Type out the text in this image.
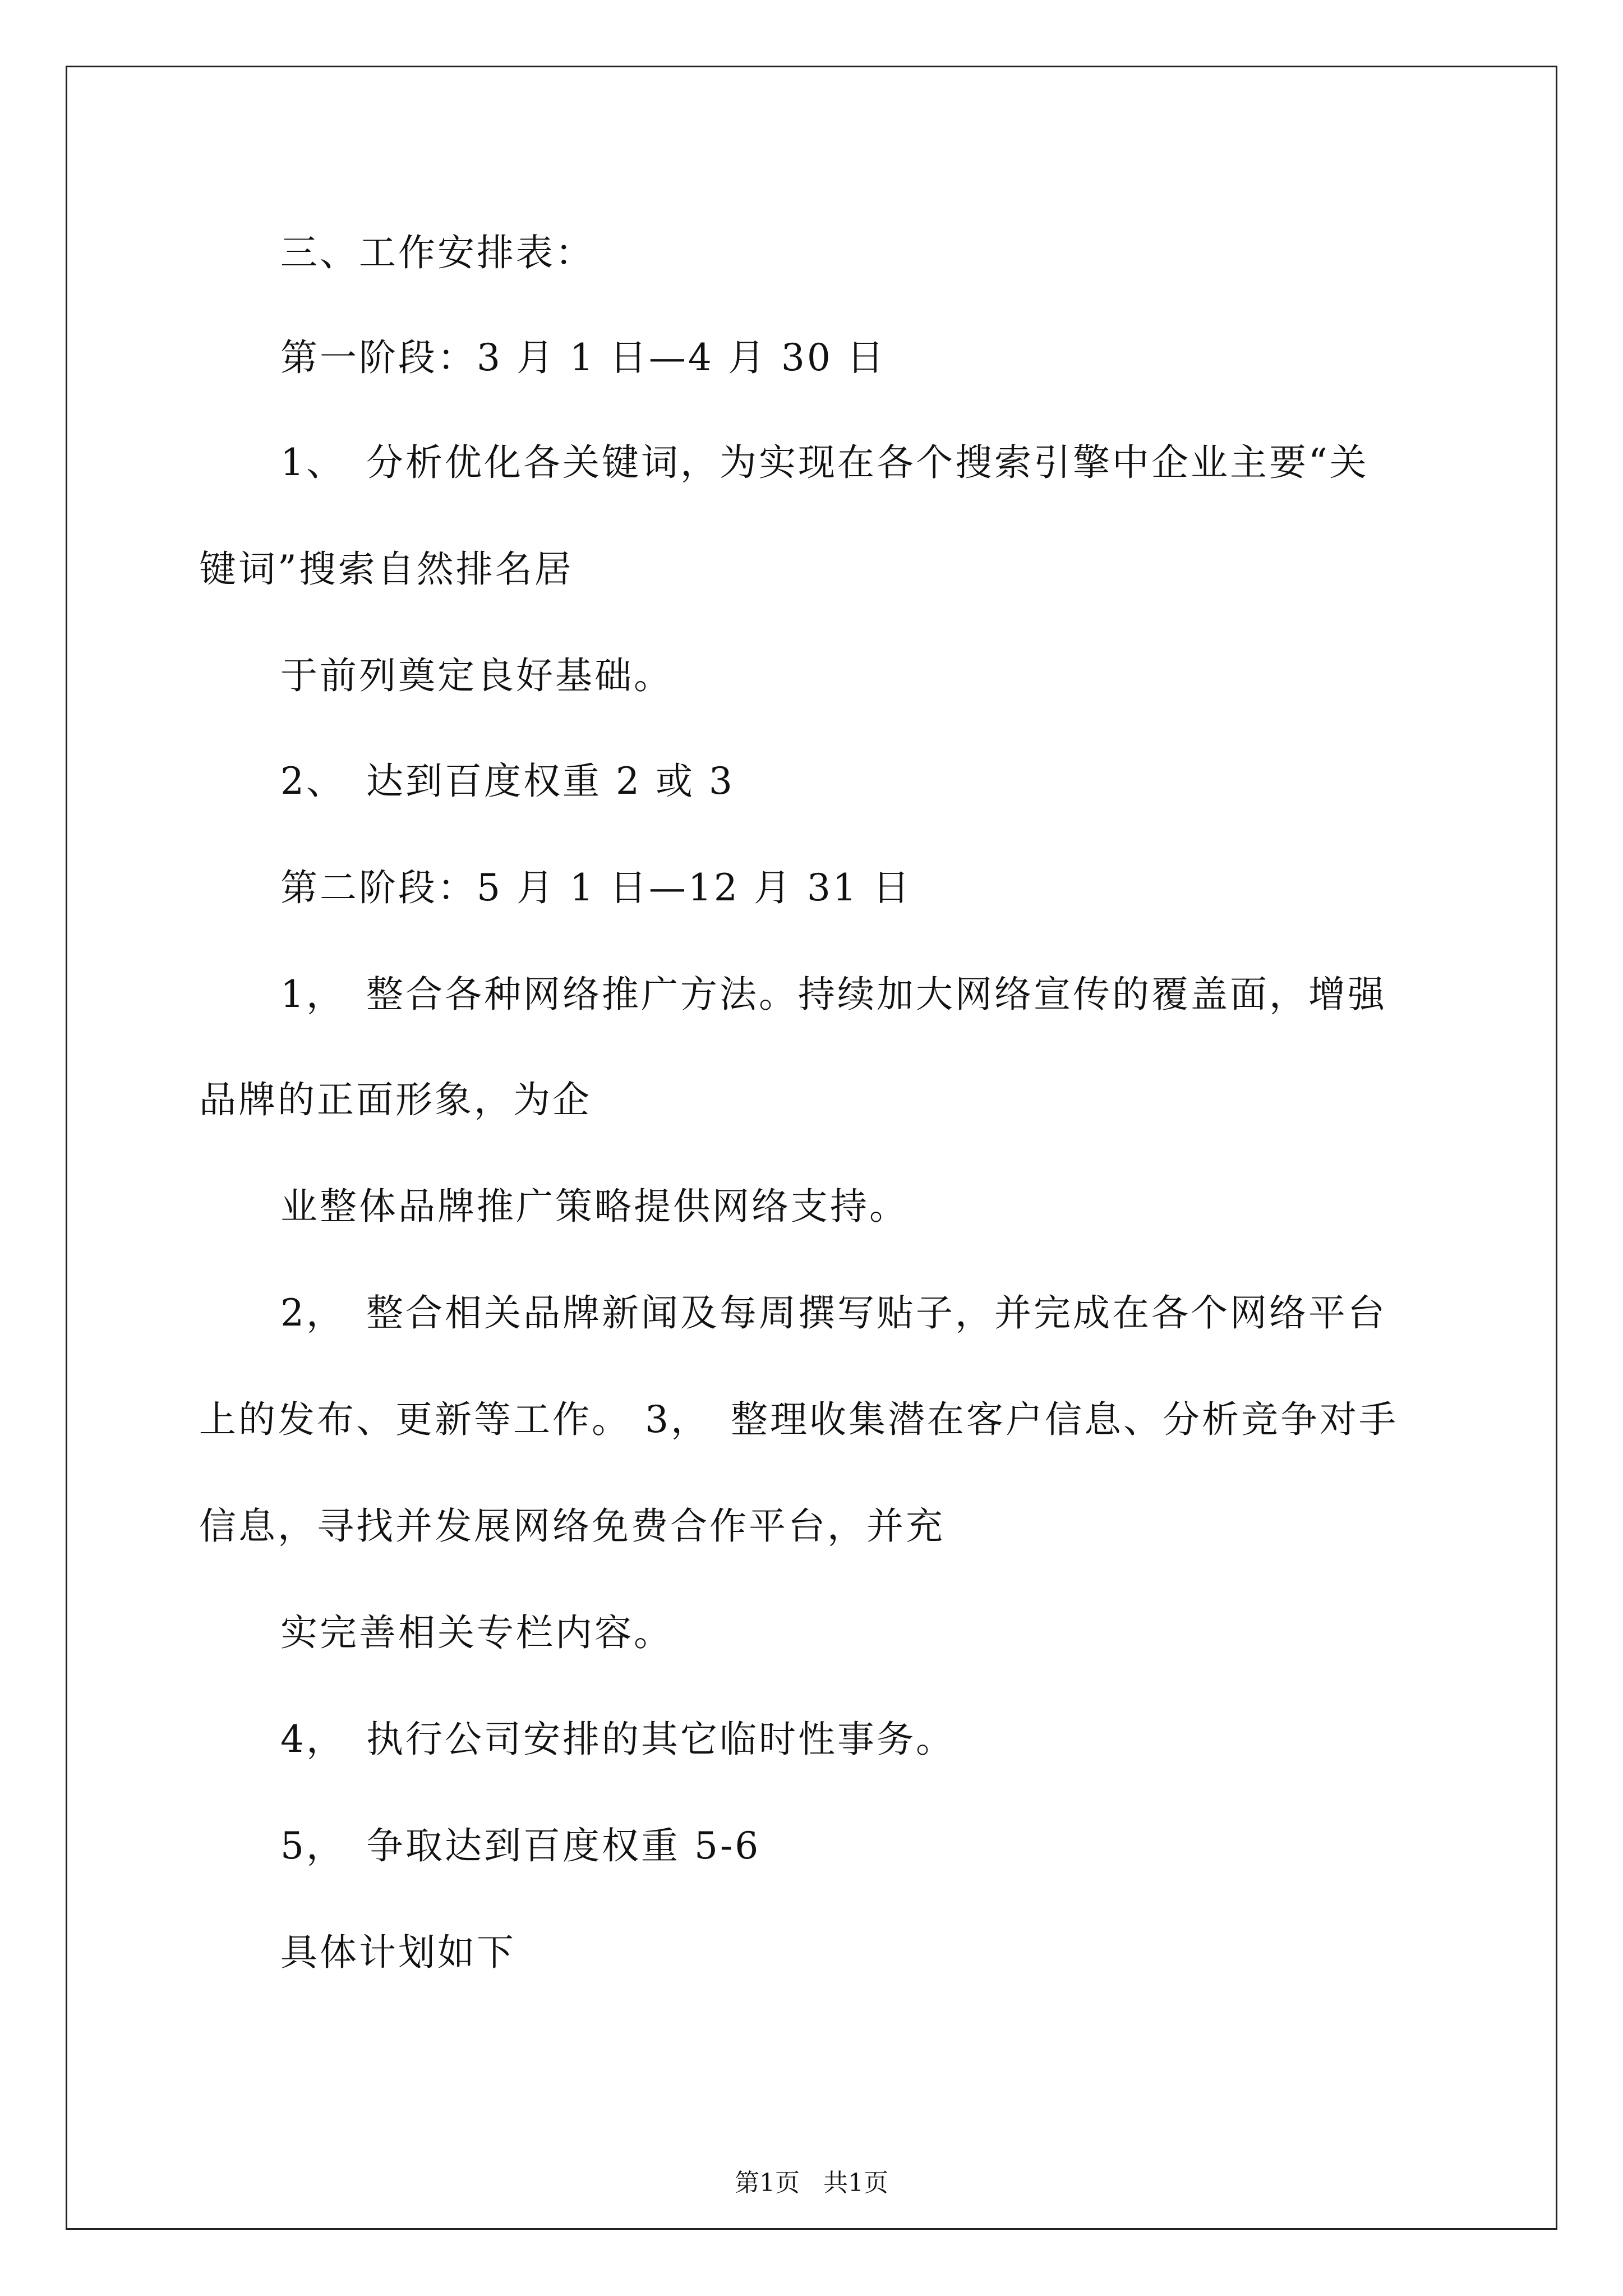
三、工作安排表：
第一阶段：3 月 1 日—4 月 30 日
1、　分析优化各关键词，为实现在各个搜索引擎中企业主要“关
键词”搜索自然排名居
于前列奠定良好基础。
2、　达到百度权重 2 或 3
第二阶段：5 月 1 日—12 月 31 日
1，　整合各种网络推广方法。持续加大网络宣传的覆盖面，增强
品牌的正面形象，为企
业整体品牌推广策略提供网络支持。
2，　整合相关品牌新闻及每周撰写贴子，并完成在各个网络平台
上的发布、更新等工作。 3，　整理收集潜在客户信息、分析竞争对手
信息，寻找并发展网络免费合作平台，并充
实完善相关专栏内容。
4，　执行公司安排的其它临时性事务。
5，　争取达到百度权重 5-6
具体计划如下
第1页   共1页
